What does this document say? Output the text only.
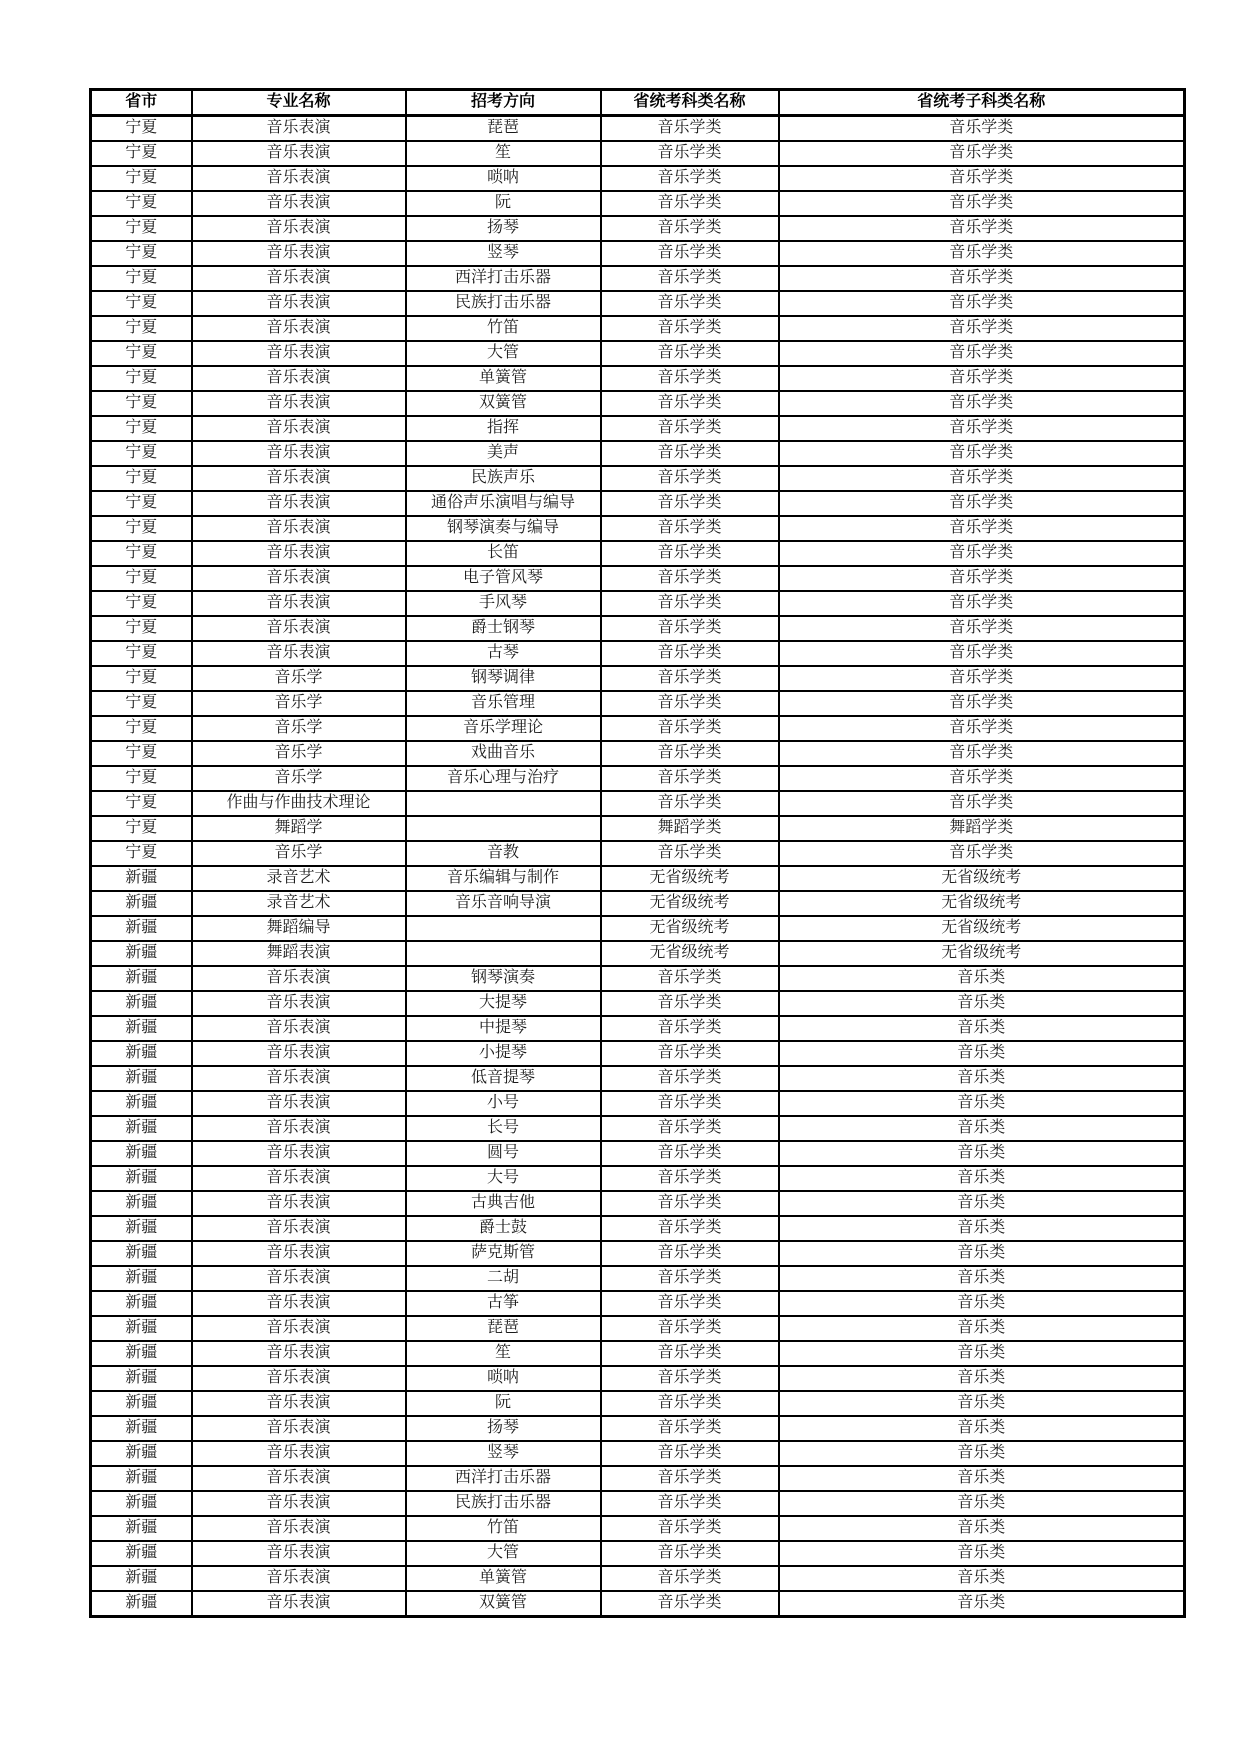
省市	专业名称	招考方向	省统考科类名称	省统考子科类名称
宁夏	音乐表演	琵琶	音乐学类	音乐学类
宁夏	音乐表演	笙	音乐学类	音乐学类
宁夏	音乐表演	唢呐	音乐学类	音乐学类
宁夏	音乐表演	阮	音乐学类	音乐学类
宁夏	音乐表演	扬琴	音乐学类	音乐学类
宁夏	音乐表演	竖琴	音乐学类	音乐学类
宁夏	音乐表演	西洋打击乐器	音乐学类	音乐学类
宁夏	音乐表演	民族打击乐器	音乐学类	音乐学类
宁夏	音乐表演	竹笛	音乐学类	音乐学类
宁夏	音乐表演	大管	音乐学类	音乐学类
宁夏	音乐表演	单簧管	音乐学类	音乐学类
宁夏	音乐表演	双簧管	音乐学类	音乐学类
宁夏	音乐表演	指挥	音乐学类	音乐学类
宁夏	音乐表演	美声	音乐学类	音乐学类
宁夏	音乐表演	民族声乐	音乐学类	音乐学类
宁夏	音乐表演	通俗声乐演唱与编导	音乐学类	音乐学类
宁夏	音乐表演	钢琴演奏与编导	音乐学类	音乐学类
宁夏	音乐表演	长笛	音乐学类	音乐学类
宁夏	音乐表演	电子管风琴	音乐学类	音乐学类
宁夏	音乐表演	手风琴	音乐学类	音乐学类
宁夏	音乐表演	爵士钢琴	音乐学类	音乐学类
宁夏	音乐表演	古琴	音乐学类	音乐学类
宁夏	音乐学	钢琴调律	音乐学类	音乐学类
宁夏	音乐学	音乐管理	音乐学类	音乐学类
宁夏	音乐学	音乐学理论	音乐学类	音乐学类
宁夏	音乐学	戏曲音乐	音乐学类	音乐学类
宁夏	音乐学	音乐心理与治疗	音乐学类	音乐学类
宁夏	作曲与作曲技术理论		音乐学类	音乐学类
宁夏	舞蹈学		舞蹈学类	舞蹈学类
宁夏	音乐学	音教	音乐学类	音乐学类
新疆	录音艺术	音乐编辑与制作	无省级统考	无省级统考
新疆	录音艺术	音乐音响导演	无省级统考	无省级统考
新疆	舞蹈编导		无省级统考	无省级统考
新疆	舞蹈表演		无省级统考	无省级统考
新疆	音乐表演	钢琴演奏	音乐学类	音乐类
新疆	音乐表演	大提琴	音乐学类	音乐类
新疆	音乐表演	中提琴	音乐学类	音乐类
新疆	音乐表演	小提琴	音乐学类	音乐类
新疆	音乐表演	低音提琴	音乐学类	音乐类
新疆	音乐表演	小号	音乐学类	音乐类
新疆	音乐表演	长号	音乐学类	音乐类
新疆	音乐表演	圆号	音乐学类	音乐类
新疆	音乐表演	大号	音乐学类	音乐类
新疆	音乐表演	古典吉他	音乐学类	音乐类
新疆	音乐表演	爵士鼓	音乐学类	音乐类
新疆	音乐表演	萨克斯管	音乐学类	音乐类
新疆	音乐表演	二胡	音乐学类	音乐类
新疆	音乐表演	古筝	音乐学类	音乐类
新疆	音乐表演	琵琶	音乐学类	音乐类
新疆	音乐表演	笙	音乐学类	音乐类
新疆	音乐表演	唢呐	音乐学类	音乐类
新疆	音乐表演	阮	音乐学类	音乐类
新疆	音乐表演	扬琴	音乐学类	音乐类
新疆	音乐表演	竖琴	音乐学类	音乐类
新疆	音乐表演	西洋打击乐器	音乐学类	音乐类
新疆	音乐表演	民族打击乐器	音乐学类	音乐类
新疆	音乐表演	竹笛	音乐学类	音乐类
新疆	音乐表演	大管	音乐学类	音乐类
新疆	音乐表演	单簧管	音乐学类	音乐类
新疆	音乐表演	双簧管	音乐学类	音乐类
